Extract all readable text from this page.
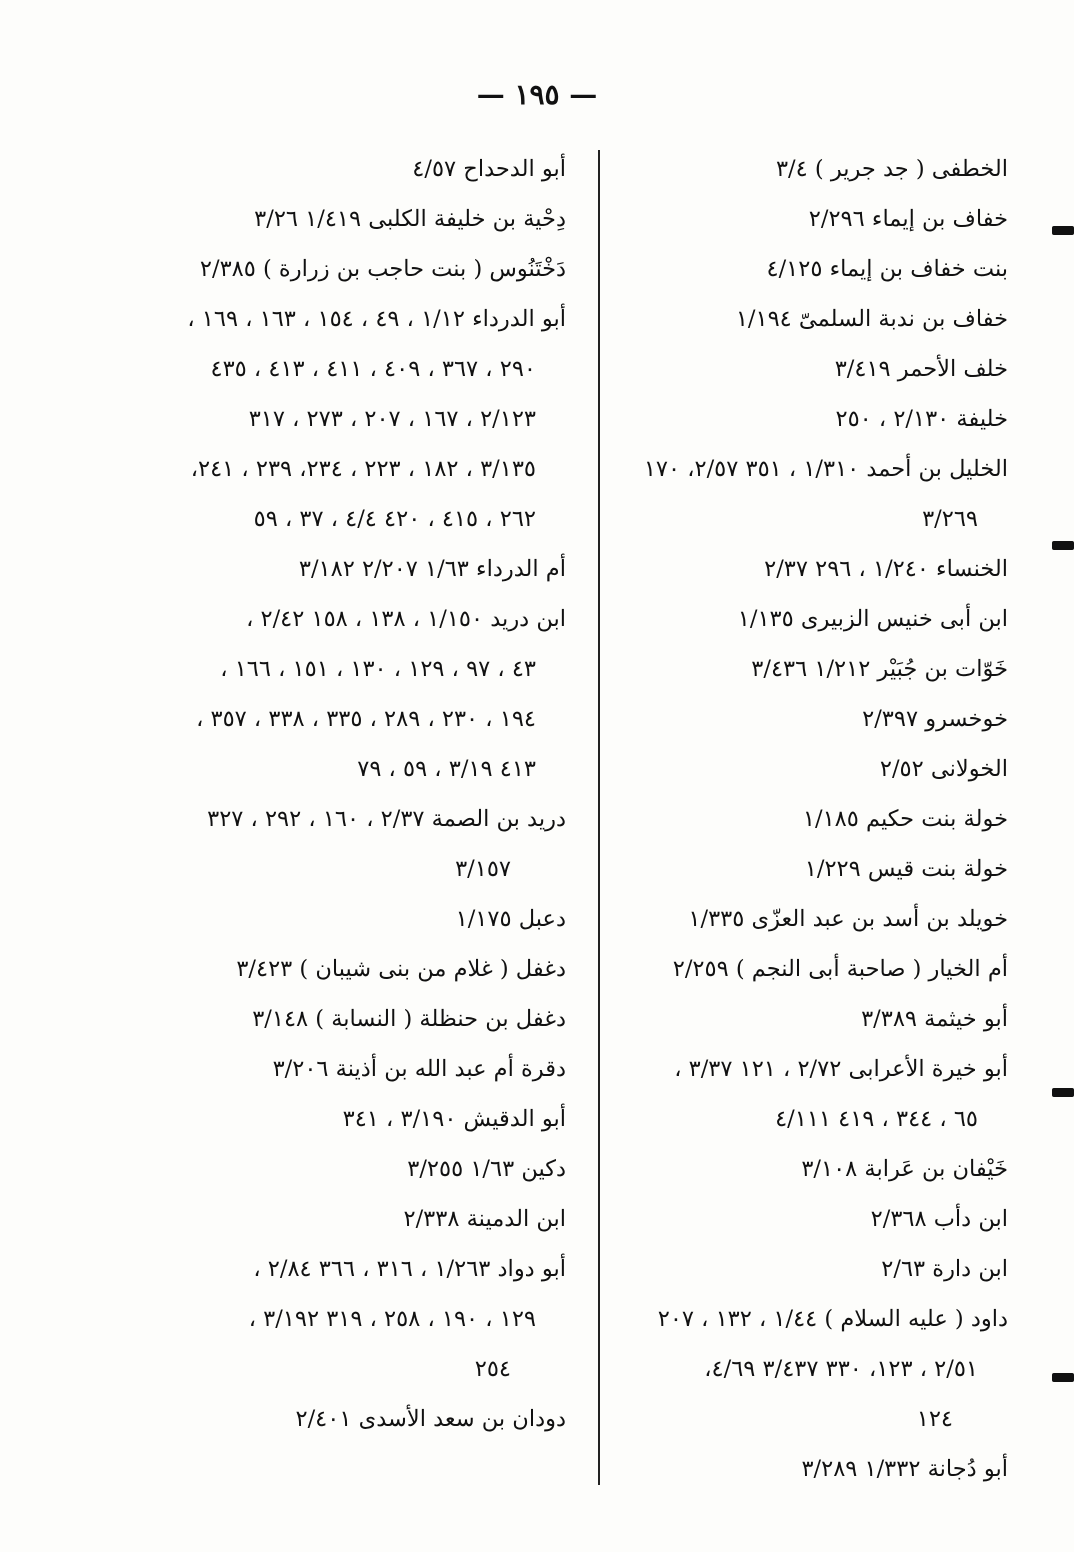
— ١٩٥ —
الخطفى ( جد جرير ) ٣/٤
خفاف بن إيماء ٢/٢٩٦
بنت خفاف بن إيماء ٤/١٢٥
خفاف بن ندبة السلمىّ ١/١٩٤
خلف الأحمر ٣/٤١٩
خليفة ٢/١٣٠ ، ٢٥٠
الخليل بن أحمد ١/٣١٠ ، ٣٥١ ٢/٥٧، ١٧٠
٣/٢٦٩
الخنساء ١/٢٤٠ ، ٢٩٦ ٢/٣٧
ابن أبى خنيس الزبيرى ١/١٣٥
خَوّات بن جُبَيْر ١/٢١٢ ٣/٤٣٦
خوخسرو ٢/٣٩٧
الخولانى ٢/٥٢
خولة بنت حكيم ١/١٨٥
خولة بنت قيس ١/٢٢٩
خويلد بن أسد بن عبد العزّى ١/٣٣٥
أم الخيار ( صاحبة أبى النجم ) ٢/٢٥٩
أبو خيثمة ٣/٣٨٩
أبو خيرة الأعرابى ٢/٧٢ ، ١٢١ ٣/٣٧ ،
٦٥ ، ٣٤٤ ، ٤١٩ ٤/١١١
خَيْفان بن عَرابة ٣/١٠٨
ابن دأب ٢/٣٦٨
ابن دارة ٢/٦٣
داود ( عليه السلام ) ١/٤٤ ، ١٣٢ ، ٢٠٧
٢/٥١ ، ١٢٣، ٣٣٠ ٣/٤٣٧ ٤/٦٩،
١٢٤
أبو دُجانة ١/٣٣٢ ٣/٢٨٩
أبو الدحداح ٤/٥٧
دِحْية بن خليفة الكلبى ١/٤١٩ ٣/٢٦
دَخْتَنُوس ( بنت حاجب بن زرارة ) ٢/٣٨٥
أبو الدرداء ١/١٢ ، ٤٩ ، ١٥٤ ، ١٦٣ ، ١٦٩ ،
٢٩٠ ، ٣٦٧ ، ٤٠٩ ، ٤١١ ، ٤١٣ ، ٤٣٥
٢/١٢٣ ، ١٦٧ ، ٢٠٧ ، ٢٧٣ ، ٣١٧
٣/١٣٥ ، ١٨٢ ، ٢٢٣ ، ٢٣٤، ٢٣٩ ، ٢٤١،
٢٦٢ ، ٤١٥ ، ٤٢٠ ٤/٤ ، ٣٧ ، ٥٩
أم الدرداء ١/٦٣ ٢/٢٠٧ ٣/١٨٢
ابن دريد ١/١٥٠ ، ١٣٨ ، ١٥٨ ٢/٤٢ ،
٤٣ ، ٩٧ ، ١٢٩ ، ١٣٠ ، ١٥١ ، ١٦٦ ،
١٩٤ ، ٢٣٠ ، ٢٨٩ ، ٣٣٥ ، ٣٣٨ ، ٣٥٧ ،
٤١٣ ٣/١٩ ، ٥٩ ، ٧٩
دريد بن الصمة ٢/٣٧ ، ١٦٠ ، ٢٩٢ ، ٣٢٧
٣/١٥٧
دعبل ١/١٧٥
دغفل ( غلام من بنى شيبان ) ٣/٤٢٣
دغفل بن حنظلة ( النسابة ) ٣/١٤٨
دقرة أم عبد الله بن أذينة ٣/٢٠٦
أبو الدقيش ٣/١٩٠ ، ٣٤١
دكين ١/٦٣ ٣/٢٥٥
ابن الدمينة ٢/٣٣٨
أبو دواد ١/٢٦٣ ، ٣١٦ ، ٣٦٦ ٢/٨٤ ،
١٢٩ ، ١٩٠ ، ٢٥٨ ، ٣١٩ ٣/١٩٢ ،
٢٥٤
دودان بن سعد الأسدى ٢/٤٠١
